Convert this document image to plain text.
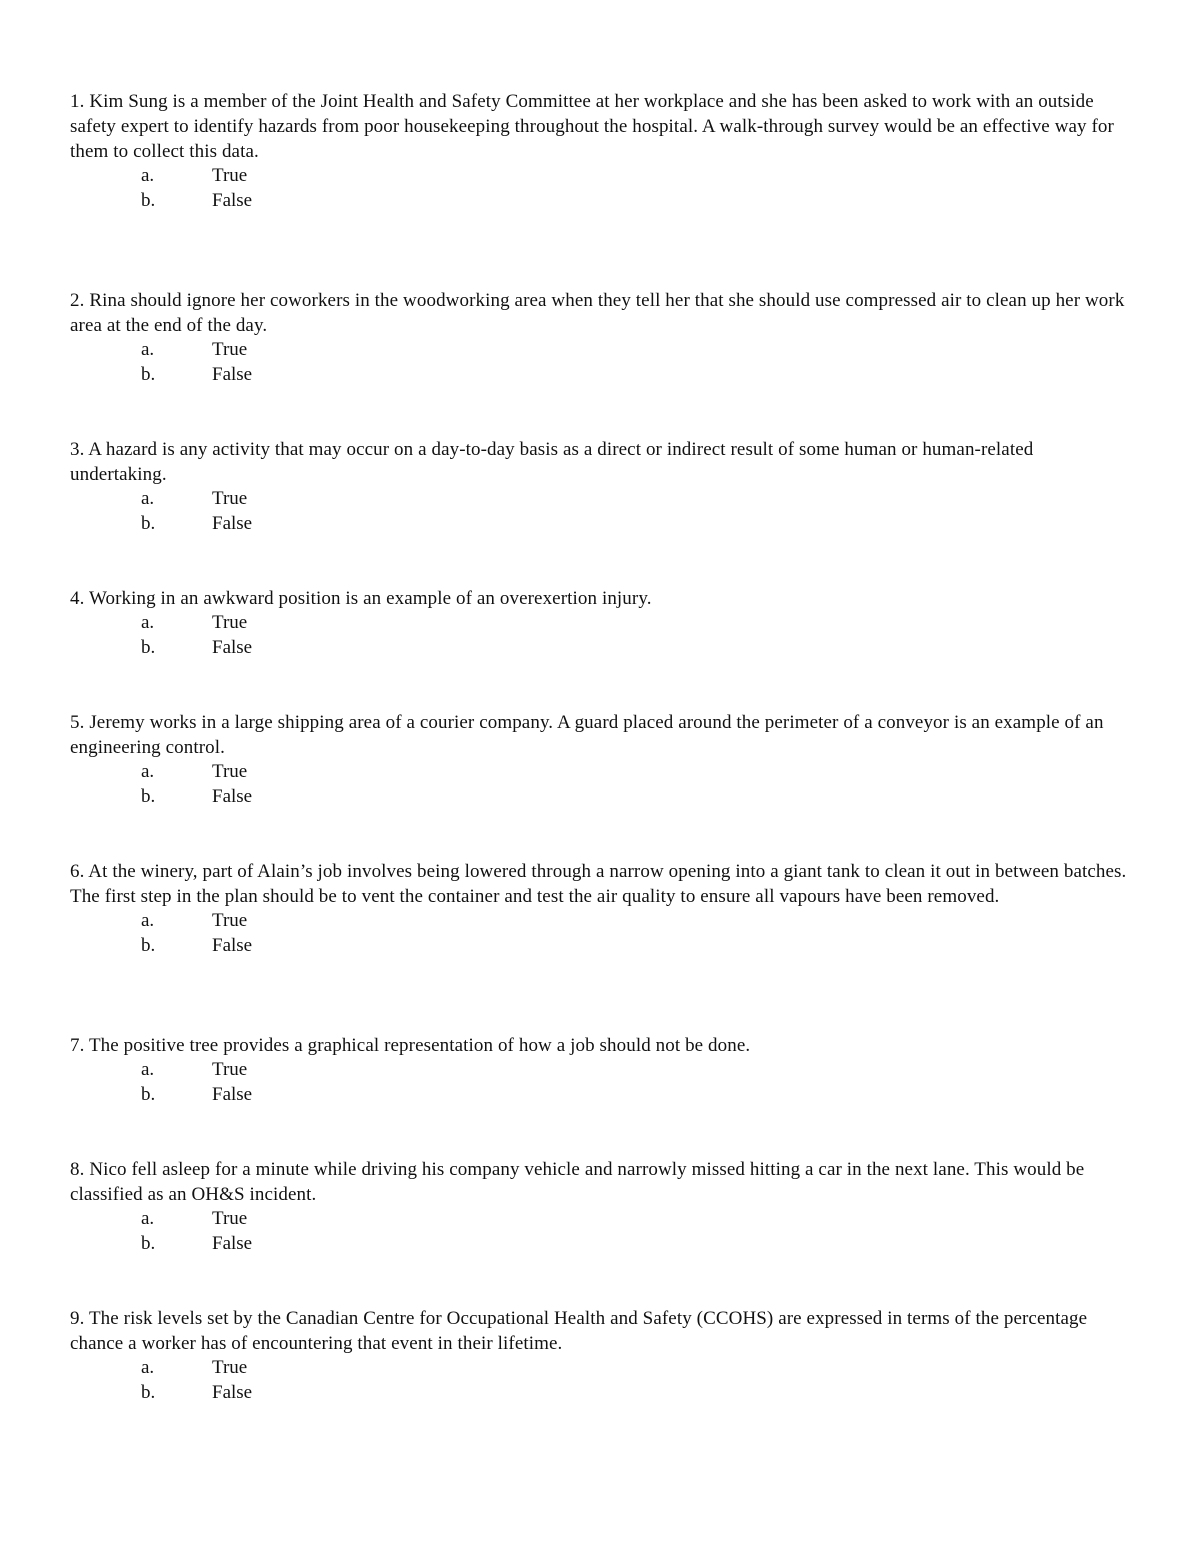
1. Kim Sung is a member of the Joint Health and Safety Committee at her workplace and she has been asked to work with an outside safety expert to identify hazards from poor housekeeping throughout the hospital. A walk-through survey would be an effective way for them to collect this data.

a.	True
b.	False

2. Rina should ignore her coworkers in the woodworking area when they tell her that she should use compressed air to clean up her work area at the end of the day.

a.	True
b.	False

3. A hazard is any activity that may occur on a day-to-day basis as a direct or indirect result of some human or human-related undertaking.

a.	True
b.	False

4. Working in an awkward position is an example of an overexertion injury.

a.	True
b.	False

5. Jeremy works in a large shipping area of a courier company. A guard placed around the perimeter of a conveyor is an example of an engineering control.

a.	True
b.	False

6. At the winery, part of Alain’s job involves being lowered through a narrow opening into a giant tank to clean it out in between batches. The first step in the plan should be to vent the container and test the air quality to ensure all vapours have been removed.

a.	True
b.	False

7. The positive tree provides a graphical representation of how a job should not be done.

a.	True
b.	False

8. Nico fell asleep for a minute while driving his company vehicle and narrowly missed hitting a car in the next lane. This would be classified as an OH&S incident.

a.	True
b.	False

9. The risk levels set by the Canadian Centre for Occupational Health and Safety (CCOHS) are expressed in terms of the percentage chance a worker has of encountering that event in their lifetime.

a.	True
b.	False
